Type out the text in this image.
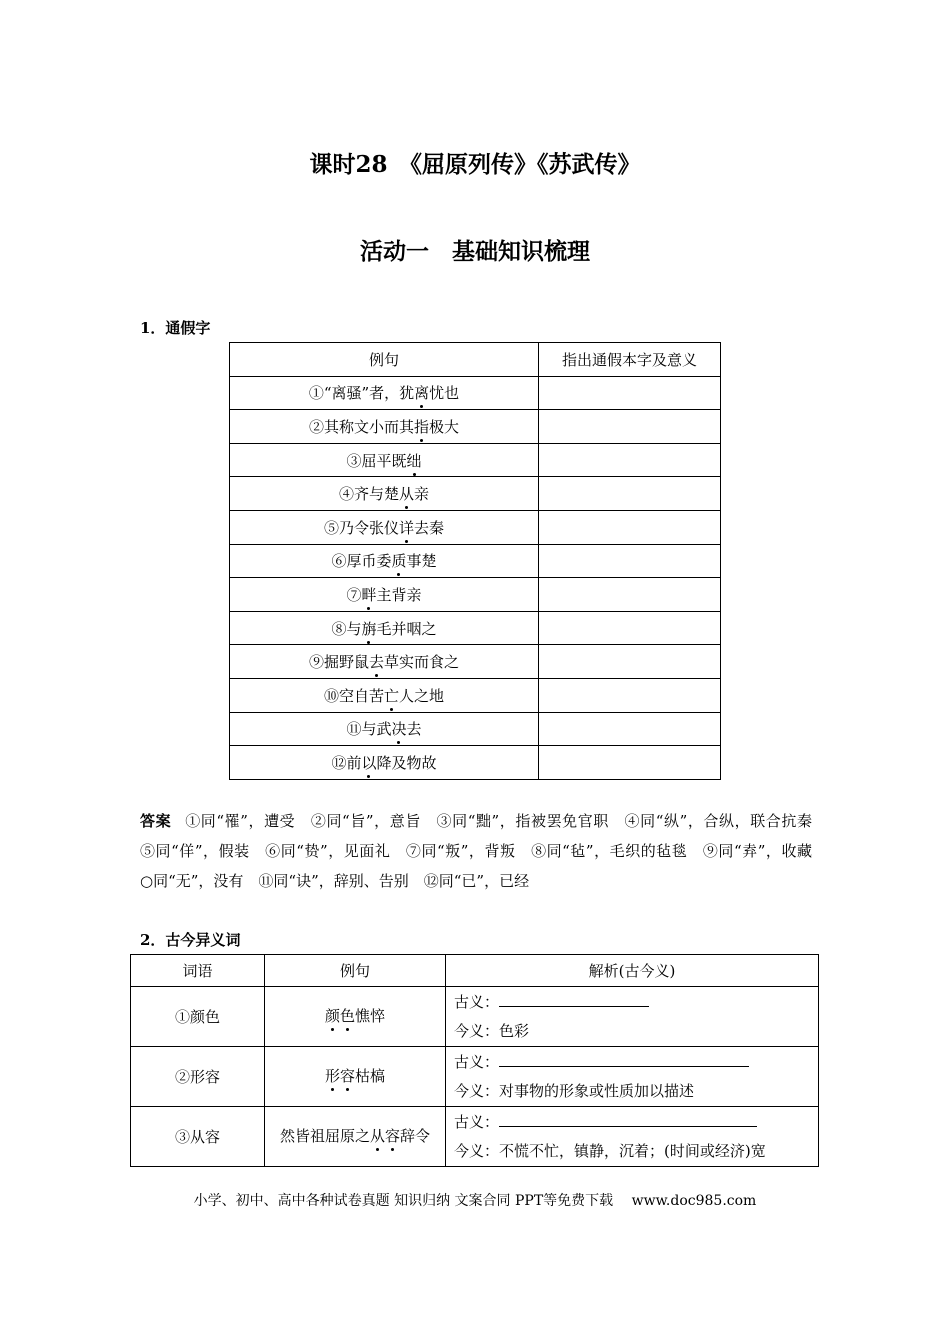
课时28　《屈原列传》《苏武传》
活动一　基础知识梳理
1．通假字
例句	指出通假本字及意义
①“离骚”者，犹离忧也	
②其称文小而其指极大	
③屈平既绌	
④齐与楚从亲	
⑤乃令张仪详去秦	
⑥厚币委质事楚	
⑦畔主背亲	
⑧与旃毛并咽之	
⑨掘野鼠去草实而食之	
⑩空自苦亡人之地	
⑪与武决去	
⑫前以降及物故	
答案 ①同“罹”，遭受　②同“旨”，意旨　③同“黜”，指被罢免官职　④同“纵”，合纵，联合抗秦　⑤同“佯”，假装　⑥同“贽”，见面礼　⑦同“叛”，背叛　⑧同“毡”，毛织的毡毯　⑨同“弆”，收藏　○同“无”，没有　⑪同“诀”，辞别、告别　⑫同“已”，已经
2．古今异义词
词语	例句	解析(古今义)
①颜色	颜色憔悴	古义：
今义：色彩

②形容	形容枯槁	古义：
今义：对事物的形象或性质加以描述

③从容	然皆祖屈原之从容辞令	古义：
今义：不慌不忙，镇静，沉着；(时间或经济)宽
小学、初中、高中各种试卷真题 知识归纳 文案合同 PPT等免费下载　 www.doc985.com
